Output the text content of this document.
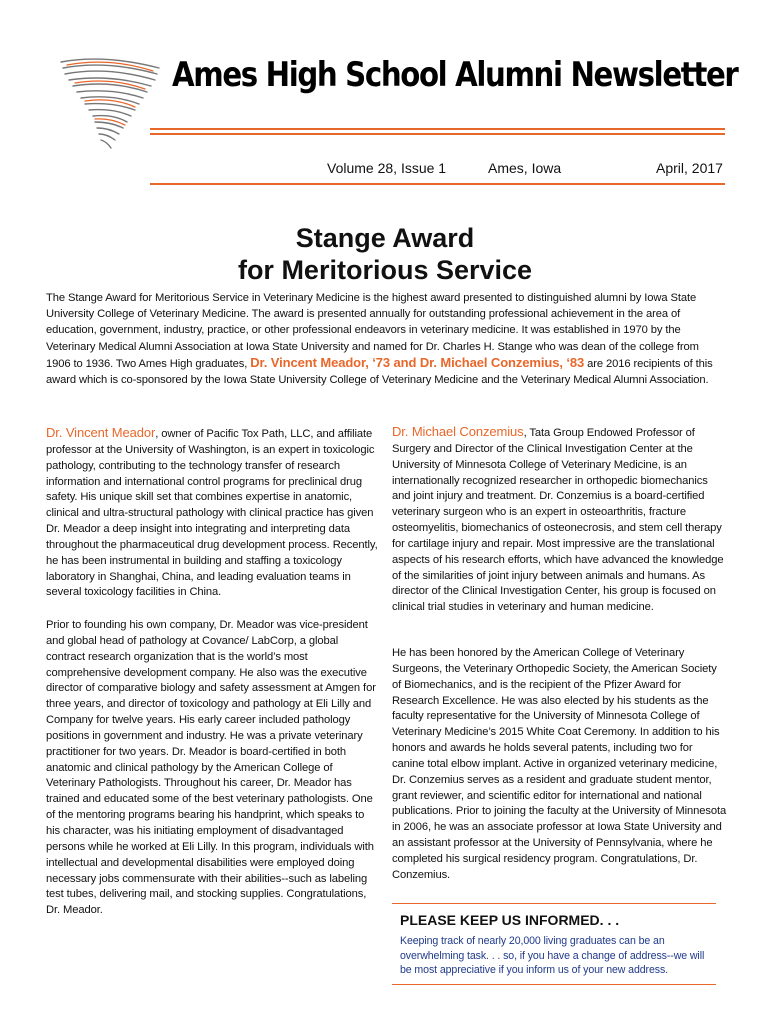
Ames High School Alumni Newsletter
Volume 28, Issue 1	Ames, Iowa	April, 2017
Stange Award
for Meritorious Service

The Stange Award for Meritorious Service in Veterinary Medicine is the highest award presented to distinguished alumni by Iowa State University College of Veterinary Medicine. The award is presented annually for outstanding professional achievement in the area of education, government, industry, practice, or other professional endeavors in veterinary medicine. It was established in 1970 by the Veterinary Medical Alumni Association at Iowa State University and named for Dr. Charles H. Stange who was dean of the college from 1906 to 1936. Two Ames High graduates, Dr. Vincent Meador, ‘73 and Dr. Michael Conzemius, ‘83 are 2016 recipients of this award which is co-sponsored by the Iowa State University College of Veterinary Medicine and the Veterinary Medical Alumni Association.

Dr. Vincent Meador, owner of Pacific Tox Path, LLC, and affiliate professor at the University of Washington, is an expert in toxicologic pathology, contributing to the technology transfer of research information and international control programs for preclinical drug safety. His unique skill set that combines expertise in anatomic, clinical and ultra-structural pathology with clinical practice has given Dr. Meador a deep insight into integrating and interpreting data throughout the pharmaceutical drug development process. Recently, he has been instrumental in building and staffing a toxicology laboratory in Shanghai, China, and leading evaluation teams in several toxicology facilities in China.

Prior to founding his own company, Dr. Meador was vice-president and global head of pathology at Covance/ LabCorp, a global contract research organization that is the world’s most comprehensive development company. He also was the executive director of comparative biology and safety assessment at Amgen for three years, and director of toxicology and pathology at Eli Lilly and Company for twelve years. His early career included pathology positions in government and industry. He was a private veterinary practitioner for two years. Dr. Meador is board-certified in both anatomic and clinical pathology by the American College of Veterinary Pathologists. Throughout his career, Dr. Meador has trained and educated some of the best veterinary pathologists. One of the mentoring programs bearing his handprint, which speaks to his character, was his initiating employment of disadvantaged persons while he worked at Eli Lilly. In this program, individuals with intellectual and developmental disabilities were employed doing necessary jobs commensurate with their abilities--such as labeling test tubes, delivering mail, and stocking supplies. Congratulations, Dr. Meador.

Dr. Michael Conzemius, Tata Group Endowed Professor of Surgery and Director of the Clinical Investigation Center at the University of Minnesota College of Veterinary Medicine, is an internationally recognized researcher in orthopedic biomechanics and joint injury and treatment. Dr. Conzemius is a board-certified veterinary surgeon who is an expert in osteoarthritis, fracture osteomyelitis, biomechanics of osteonecrosis, and stem cell therapy for cartilage injury and repair. Most impressive are the translational aspects of his research efforts, which have advanced the knowledge of the similarities of joint injury between animals and humans. As director of the Clinical Investigation Center, his group is focused on clinical trial studies in veterinary and human medicine.

He has been honored by the American College of Veterinary Surgeons, the Veterinary Orthopedic Society, the American Society of Biomechanics, and is the recipient of the Pfizer Award for Research Excellence. He was also elected by his students as the faculty representative for the University of Minnesota College of Veterinary Medicine’s 2015 White Coat Ceremony. In addition to his honors and awards he holds several patents, including two for canine total elbow implant. Active in organized veterinary medicine, Dr. Conzemius serves as a resident and graduate student mentor, grant reviewer, and scientific editor for international and national publications. Prior to joining the faculty at the University of Minnesota in 2006, he was an associate professor at Iowa State University and an assistant professor at the University of Pennsylvania, where he completed his surgical residency program. Congratulations, Dr. Conzemius.
PLEASE KEEP US INFORMED. . .
Keeping track of nearly 20,000 living graduates can be an overwhelming task. . . so, if you have a change of address--we will be most appreciative if you inform us of your new address.
